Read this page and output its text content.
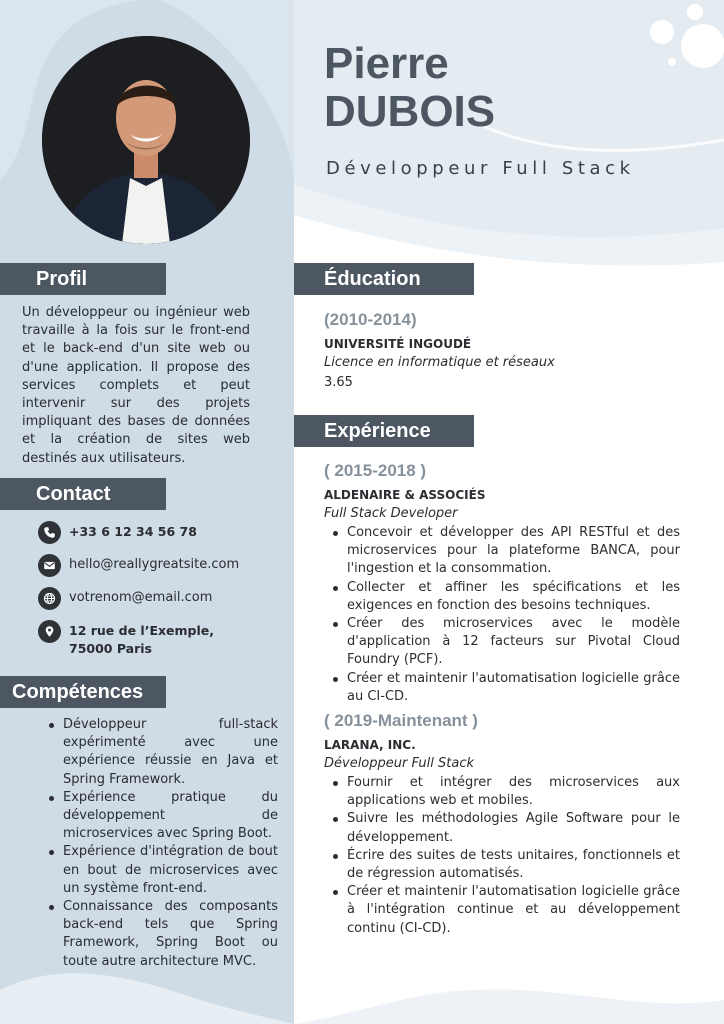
Profil

Un développeur ou ingénieur web travaille à la fois sur le front-end et le back-end d'un site web ou d'une application. Il propose des services complets et peut intervenir sur des projets impliquant des bases de données et la création de sites web destinés aux utilisateurs.

Contact
+33 6 12 34 56 78
hello@reallygreatsite.com
votrenom@email.com
12 rue de l’Exemple,
75000 Paris
Compétences
Développeur full-stack expérimenté avec une expérience réussie en Java et Spring Framework.
Expérience pratique du développement de microservices avec Spring Boot.
Expérience d'intégration de bout en bout de microservices avec un système front-end.
Connaissance des composants back-end tels que Spring Framework, Spring Boot ou toute autre architecture MVC.
Pierre
DUBOIS
Développeur Full Stack
Éducation
(2010-2014)
UNIVERSITÉ INGOUDÉ
Licence en informatique et réseaux
3.65
Expérience
( 2015-2018 )
ALDENAIRE & ASSOCIÉS
Full Stack Developer
Concevoir et développer des API RESTful et des microservices pour la plateforme BANCA, pour l'ingestion et la consommation.
Collecter et affiner les spécifications et les exigences en fonction des besoins techniques.
Créer des microservices avec le modèle d'application à 12 facteurs sur Pivotal Cloud Foundry (PCF).
Créer et maintenir l'automatisation logicielle grâce au CI-CD.
( 2019-Maintenant )
LARANA, INC.
Développeur Full Stack
Fournir et intégrer des microservices aux applications web et mobiles.
Suivre les méthodologies Agile Software pour le développement.
Écrire des suites de tests unitaires, fonctionnels et de régression automatisés.
Créer et maintenir l'automatisation logicielle grâce à l'intégration continue et au développement continu (CI-CD).
